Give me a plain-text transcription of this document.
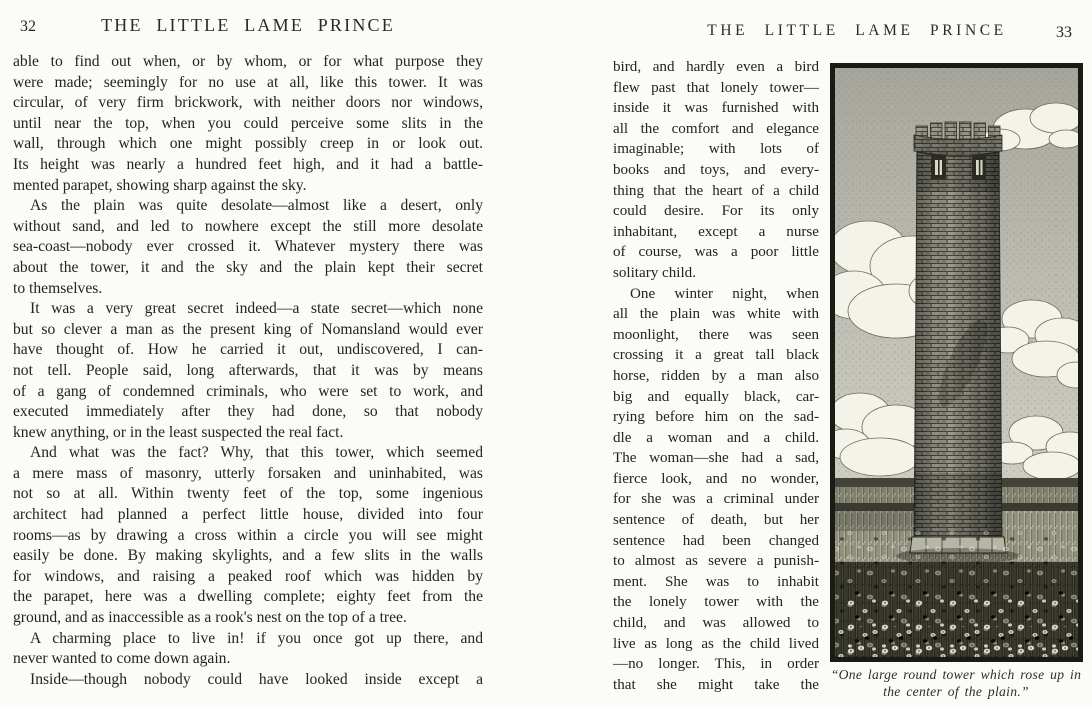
32	THE LITTLE LAME PRINCE
able to find out when, or by whom, or for what purpose they
were made; seemingly for no use at all, like this tower. It was
circular, of very firm brickwork, with neither doors nor windows,
until near the top, when you could perceive some slits in the
wall, through which one might possibly creep in or look out.
Its height was nearly a hundred feet high, and it had a battle-
mented parapet, showing sharp against the sky.
As the plain was quite desolate—almost like a desert, only
without sand, and led to nowhere except the still more desolate
sea-coast—nobody ever crossed it. Whatever mystery there was
about the tower, it and the sky and the plain kept their secret
to themselves.
It was a very great secret indeed—a state secret—which none
but so clever a man as the present king of Nomansland would ever
have thought of. How he carried it out, undiscovered, I can-
not tell. People said, long afterwards, that it was by means
of a gang of condemned criminals, who were set to work, and
executed immediately after they had done, so that nobody
knew anything, or in the least suspected the real fact.
And what was the fact? Why, that this tower, which seemed
a mere mass of masonry, utterly forsaken and uninhabited, was
not so at all. Within twenty feet of the top, some ingenious
architect had planned a perfect little house, divided into four
rooms—as by drawing a cross within a circle you will see might
easily be done. By making skylights, and a few slits in the walls
for windows, and raising a peaked roof which was hidden by
the parapet, here was a dwelling complete; eighty feet from the
ground, and as inaccessible as a rook's nest on the top of a tree.
A charming place to live in! if you once got up there, and
never wanted to come down again.
Inside—though nobody could have looked inside except a
THE LITTLE LAME PRINCE	33
bird, and hardly even a bird
flew past that lonely tower—
inside it was furnished with
all the comfort and elegance
imaginable; with lots of
books and toys, and every-
thing that the heart of a child
could desire. For its only
inhabitant, except a nurse
of course, was a poor little
solitary child.
One winter night, when
all the plain was white with
moonlight, there was seen
crossing it a great tall black
horse, ridden by a man also
big and equally black, car-
rying before him on the sad-
dle a woman and a child.
The woman—she had a sad,
fierce look, and no wonder,
for she was a criminal under
sentence of death, but her
sentence had been changed
to almost as severe a punish-
ment. She was to inhabit
the lonely tower with the
child, and was allowed to
live as long as the child lived
—no longer. This, in order
that she might take the
“One large round tower which rose up in
the center of the plain.”
